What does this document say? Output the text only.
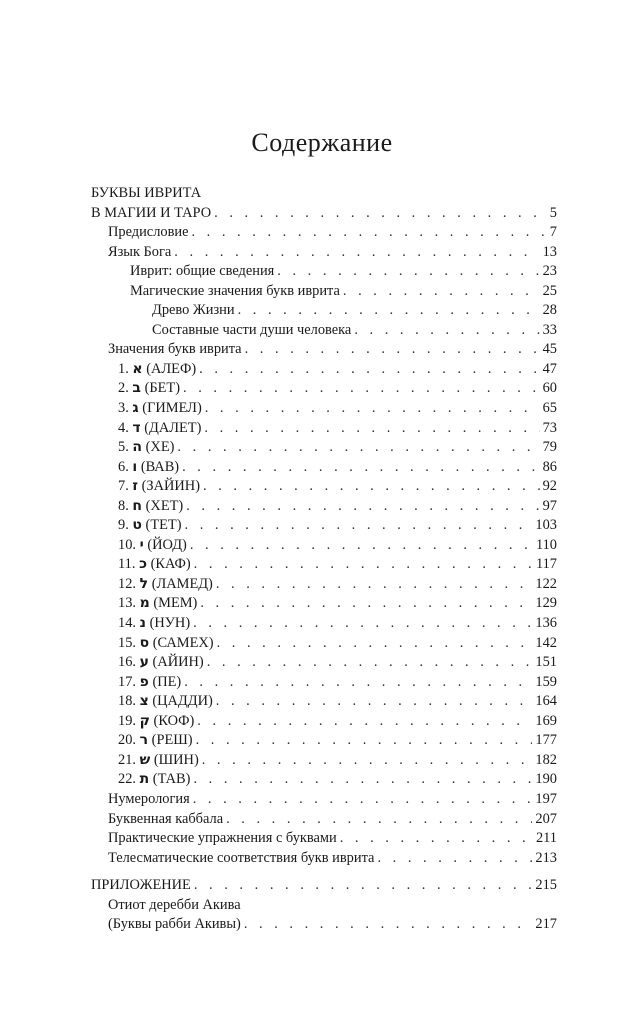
Содержание
БУКВЫ ИВРИТА
В МАГИИ И ТАРО . . .	5
Предисловие . . .	7
Язык Бога . . .	13
Иврит: общие сведения . . .	23
Магические значения букв иврита . . .	25
Древо Жизни . . .	28
Составные части души человека . . .	33
Значения букв иврита . . .	45
1. א (АЛЕФ) . . .	47
2. ב (БЕТ) . . .	60
3. ג (ГИМЕЛ) . . .	65
4. ד (ДАЛЕТ) . . .	73
5. ה (ХЕ) . . .	79
6. ו (ВАВ) . . .	86
7. ז (ЗАЙИН) . . .	92
8. ח (ХЕТ) . . .	97
9. ט (ТЕТ) . . .	103
10. י (ЙОД) . . .	110
11. כ (КАФ) . . .	117
12. ל (ЛАМЕД) . . .	122
13. מ (МЕМ) . . .	129
14. נ (НУН) . . .	136
15. ס (САМЕХ) . . .	142
16. ע (АЙИН) . . .	151
17. פ (ПЕ) . . .	159
18. צ (ЦАДДИ) . . .	164
19. ק (КОФ) . . .	169
20. ר (РЕШ) . . .	177
21. ש (ШИН) . . .	182
22. ת (ТАВ) . . .	190
Нумерология . . .	197
Буквенная каббала . . .	207
Практические упражнения с буквами . . .	211
Телесматические соответствия букв иврита . . .	213
ПРИЛОЖЕНИЕ . . .	215
Отиот деребби Акива
(Буквы рабби Акивы) . . .	217
